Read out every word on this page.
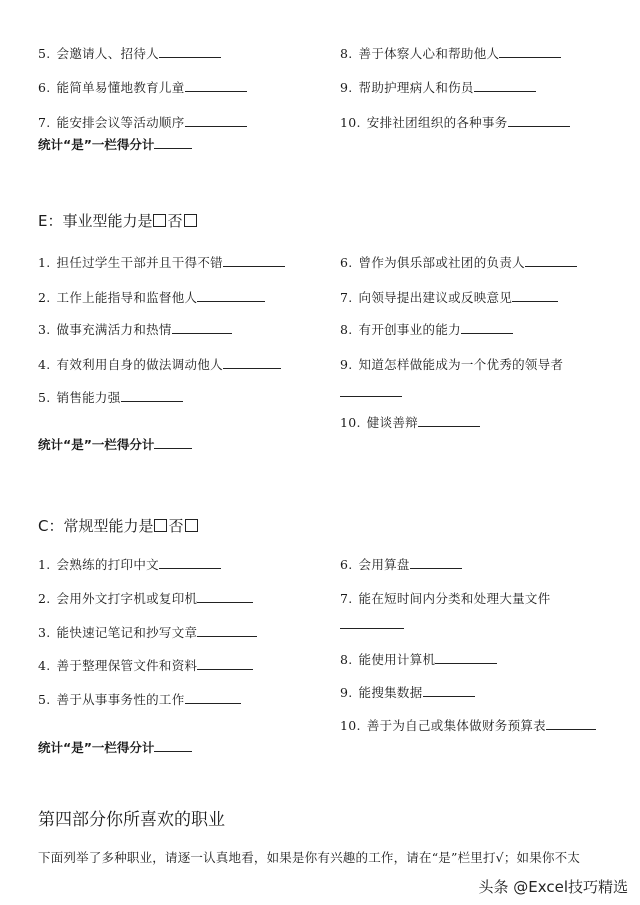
5. 会邀请人、招待人
6. 能简单易懂地教育儿童
7. 能安排会议等活动顺序
8. 善于体察人心和帮助他人
9. 帮助护理病人和伤员
10. 安排社团组织的各种事务
统计“是”一栏得分计
E：事业型能力是 否
1. 担任过学生干部并且干得不错
2. 工作上能指导和监督他人
3. 做事充满活力和热情
4. 有效利用自身的做法调动他人
5. 销售能力强
6. 曾作为俱乐部或社团的负责人
7. 向领导提出建议或反映意见
8. 有开创事业的能力
9. 知道怎样做能成为一个优秀的领导者
10. 健谈善辩
统计“是”一栏得分计
C：常规型能力是 否
1. 会熟练的打印中文
2. 会用外文打字机或复印机
3. 能快速记笔记和抄写文章
4. 善于整理保管文件和资料
5. 善于从事事务性的工作
6. 会用算盘
7. 能在短时间内分类和处理大量文件
8. 能使用计算机
9. 能搜集数据
10. 善于为自己或集体做财务预算表
统计“是”一栏得分计
第四部分你所喜欢的职业
下面列举了多种职业，请逐一认真地看，如果是你有兴趣的工作，请在“是”栏里打√；如果你不太
头条 @Excel技巧精选
